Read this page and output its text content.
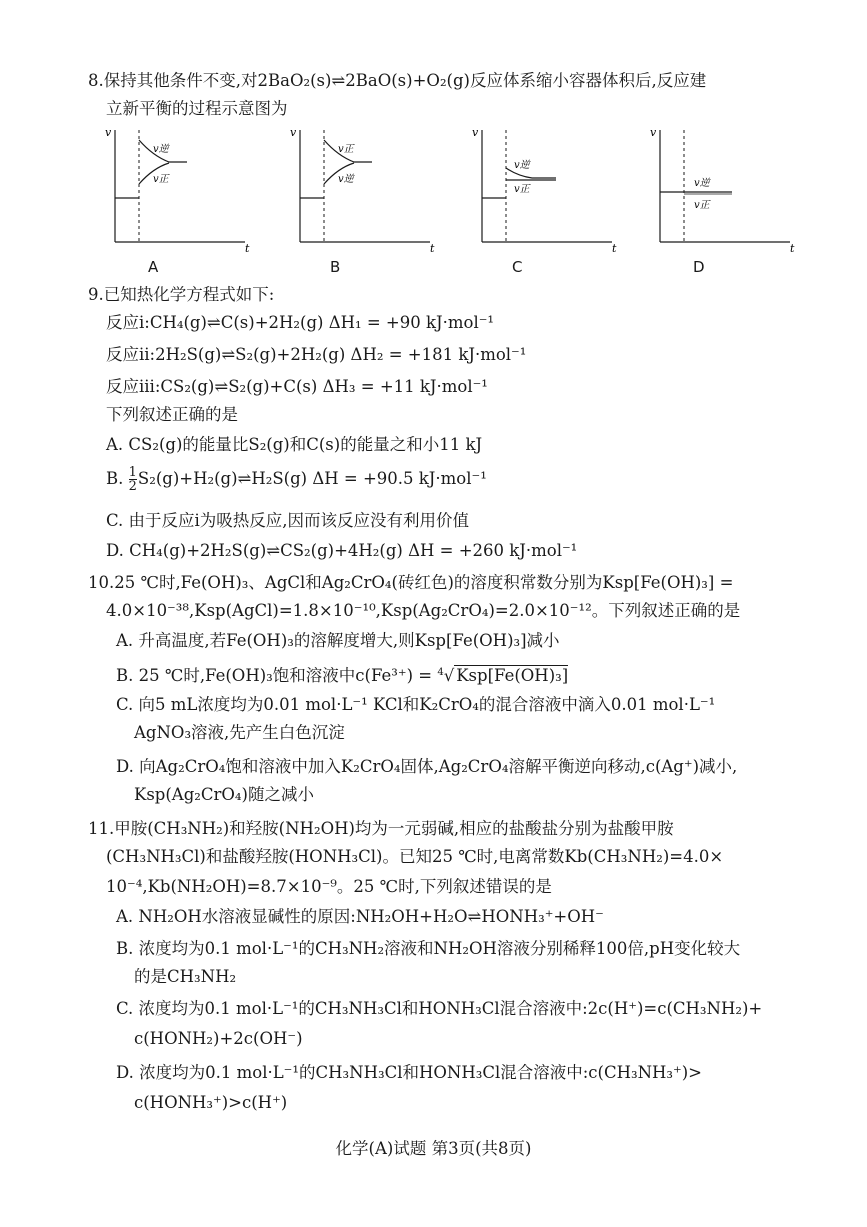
8.保持其他条件不变,对2BaO₂(s)⇌2BaO(s)+O₂(g)反应体系缩小容器体积后,反应建
立新平衡的过程示意图为
v
t
v逆
v正
A
v
t
v正
v逆
B
v
t
v逆
v正
C
v
t
v逆
v正
D
9.已知热化学方程式如下:
反应ⅰ:CH₄(g)⇌C(s)+2H₂(g) ΔH₁ = +90 kJ·mol⁻¹
反应ⅱ:2H₂S(g)⇌S₂(g)+2H₂(g) ΔH₂ = +181 kJ·mol⁻¹
反应ⅲ:CS₂(g)⇌S₂(g)+C(s) ΔH₃ = +11 kJ·mol⁻¹
下列叙述正确的是
A. CS₂(g)的能量比S₂(g)和C(s)的能量之和小11 kJ
B. $\frac{1}{2}$ S₂(g)+H₂(g)⇌H₂S(g) ΔH = +90.5 kJ·mol⁻¹
C. 由于反应ⅰ为吸热反应,因而该反应没有利用价值
D. CH₄(g)+2H₂S(g)⇌CS₂(g)+4H₂(g) ΔH = +260 kJ·mol⁻¹
10.25 ℃时,Fe(OH)₃、AgCl和Ag₂CrO₄(砖红色)的溶度积常数分别为Ksp[Fe(OH)₃] =
4.0×10⁻³⁸,Ksp(AgCl)=1.8×10⁻¹⁰,Ksp(Ag₂CrO₄)=2.0×10⁻¹²。下列叙述正确的是
A. 升高温度,若Fe(OH)₃的溶解度增大,则Ksp[Fe(OH)₃]减小
B. 25 ℃时,Fe(OH)₃饱和溶液中c(Fe³⁺) = $^4$√ Ksp[Fe(OH)₃]
C. 向5 mL浓度均为0.01 mol·L⁻¹ KCl和K₂CrO₄的混合溶液中滴入0.01 mol·L⁻¹
AgNO₃溶液,先产生白色沉淀
D. 向Ag₂CrO₄饱和溶液中加入K₂CrO₄固体,Ag₂CrO₄溶解平衡逆向移动,c(Ag⁺)减小,
Ksp(Ag₂CrO₄)随之减小
11.甲胺(CH₃NH₂)和羟胺(NH₂OH)均为一元弱碱,相应的盐酸盐分别为盐酸甲胺
(CH₃NH₃Cl)和盐酸羟胺(HONH₃Cl)。已知25 ℃时,电离常数Kb(CH₃NH₂)=4.0×
10⁻⁴,Kb(NH₂OH)=8.7×10⁻⁹。25 ℃时,下列叙述错误的是
A. NH₂OH水溶液显碱性的原因:NH₂OH+H₂O⇌HONH₃⁺+OH⁻
B. 浓度均为0.1 mol·L⁻¹的CH₃NH₂溶液和NH₂OH溶液分别稀释100倍,pH变化较大
的是CH₃NH₂
C. 浓度均为0.1 mol·L⁻¹的CH₃NH₃Cl和HONH₃Cl混合溶液中:2c(H⁺)=c(CH₃NH₂)+
c(HONH₂)+2c(OH⁻)
D. 浓度均为0.1 mol·L⁻¹的CH₃NH₃Cl和HONH₃Cl混合溶液中:c(CH₃NH₃⁺)>
c(HONH₃⁺)>c(H⁺)
化学(A)试题 第3页(共8页)
